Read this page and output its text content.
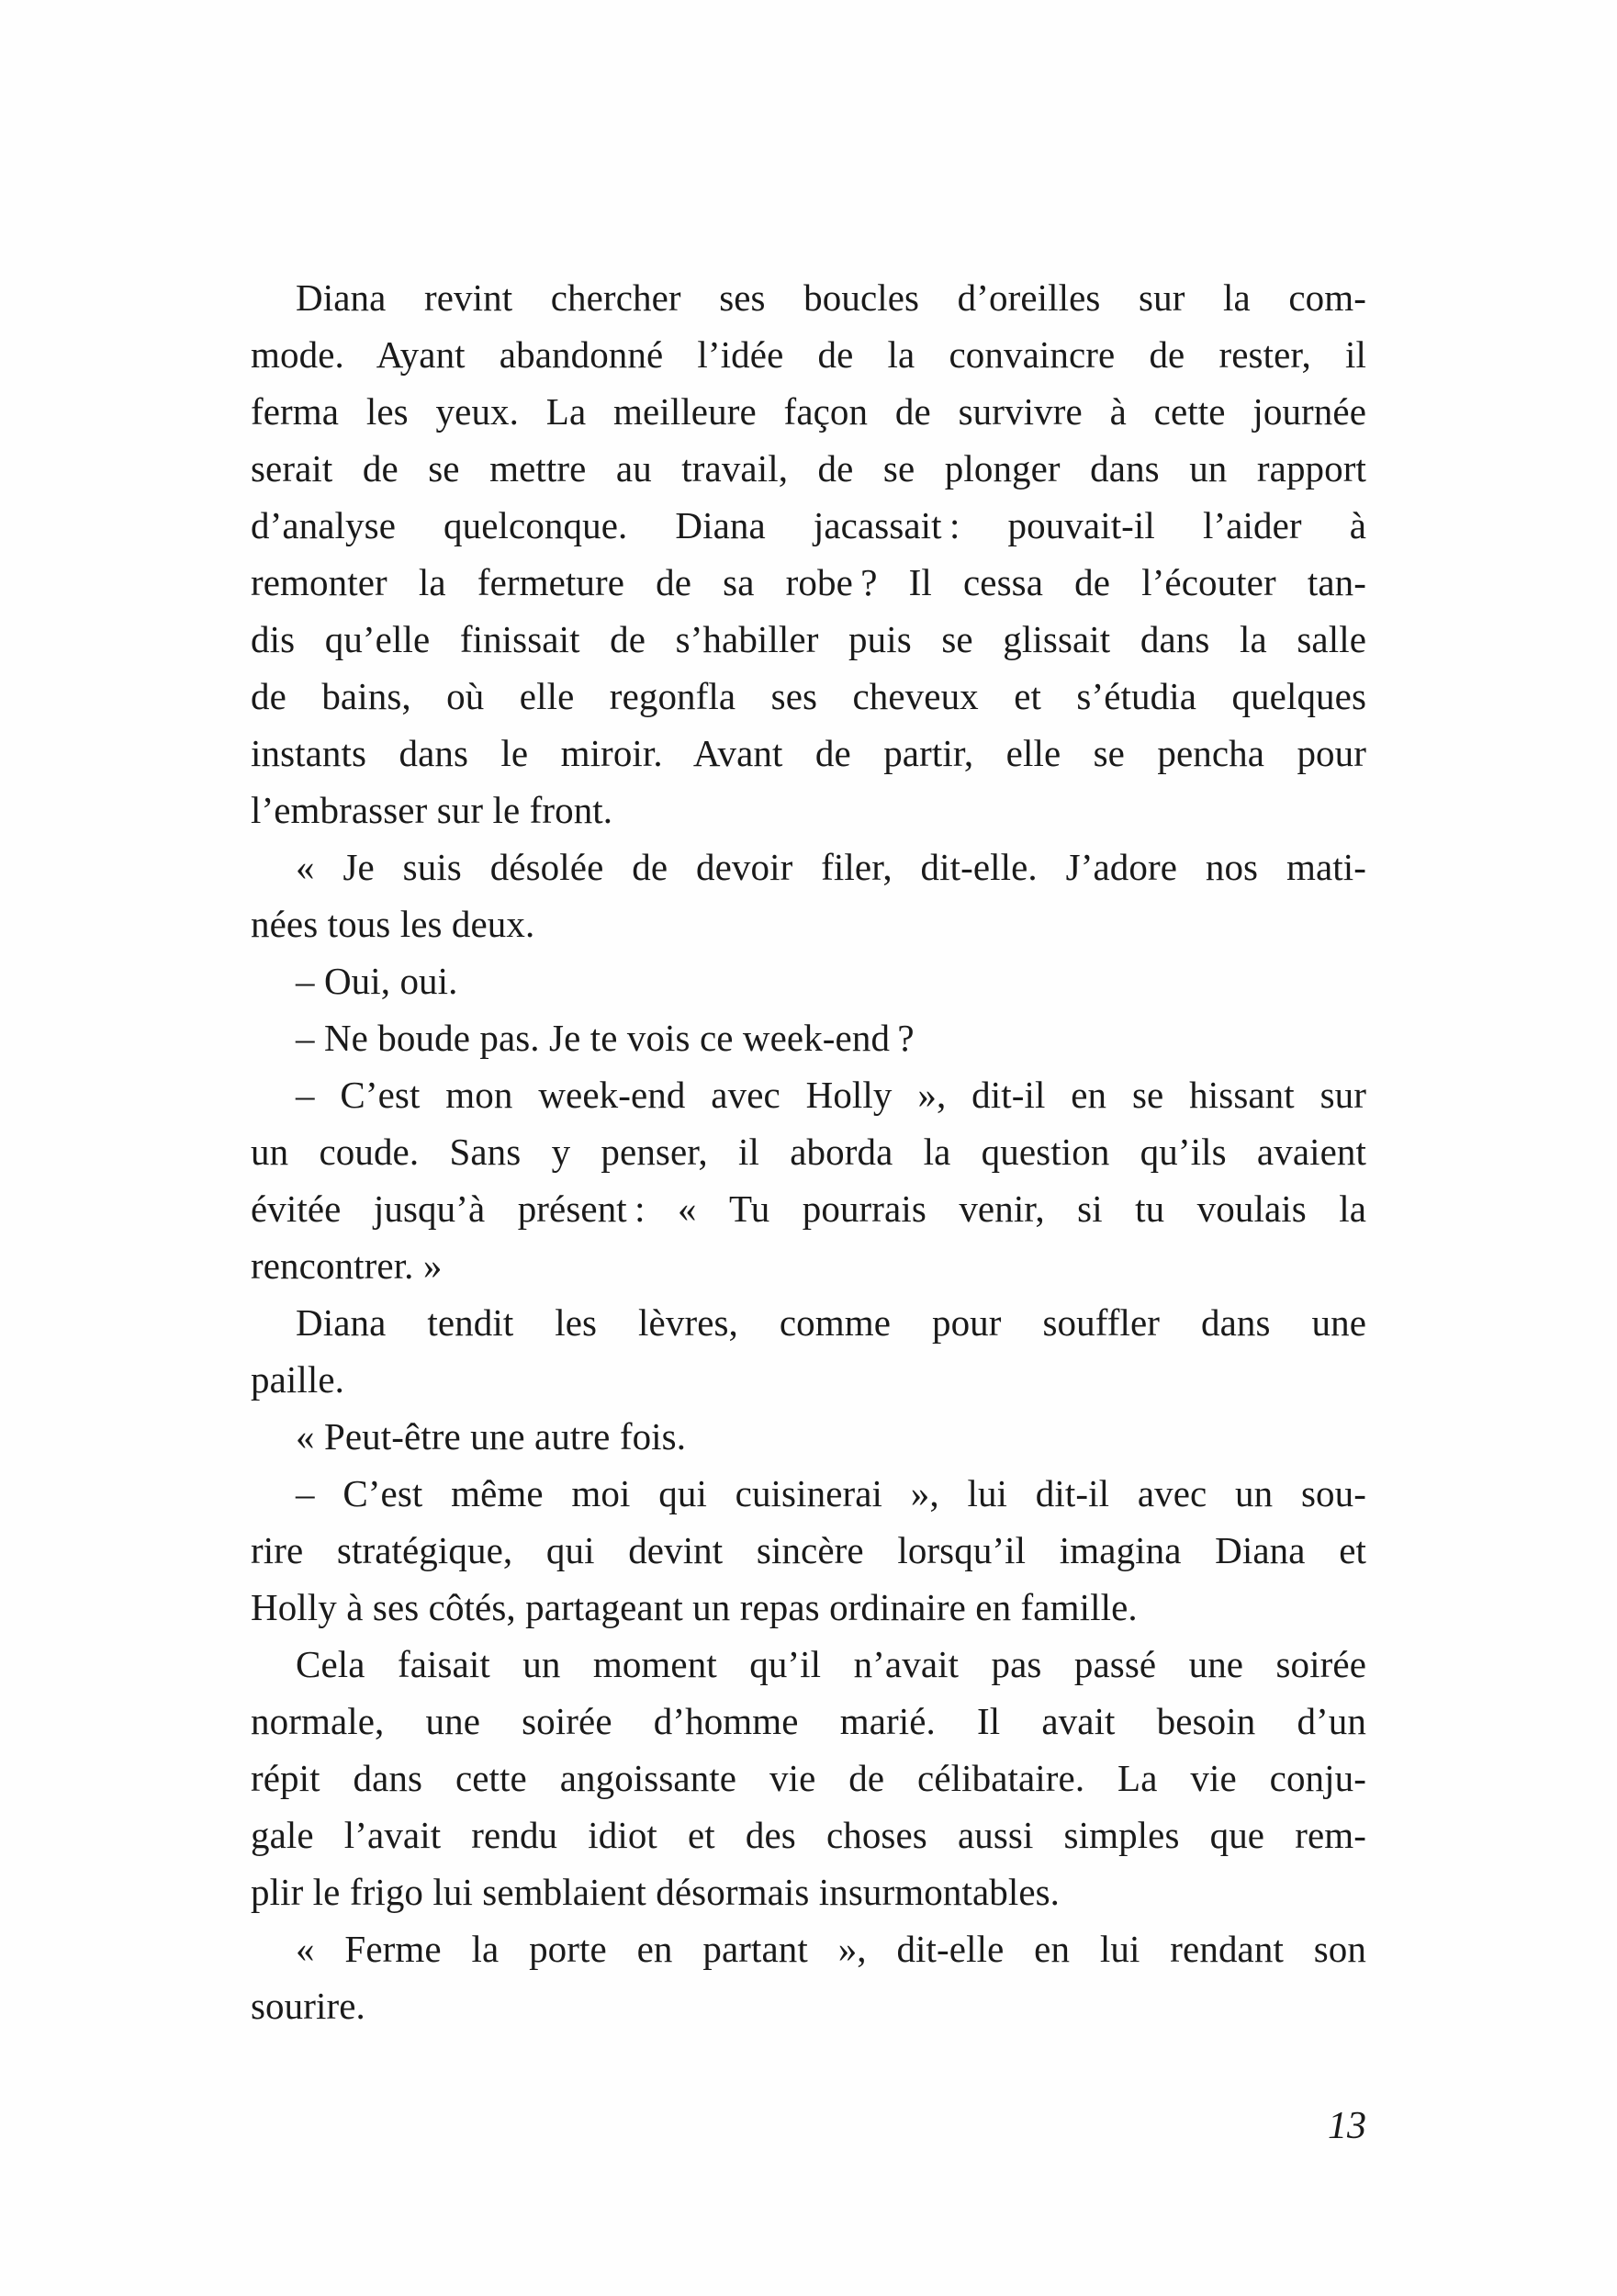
Diana revint chercher ses boucles d’oreilles sur la com-
mode. Ayant abandonné l’idée de la convaincre de rester, il
ferma les yeux. La meilleure façon de survivre à cette journée
serait de se mettre au travail, de se plonger dans un rapport
d’analyse quelconque. Diana jacassait : pouvait-il l’aider à
remonter la fermeture de sa robe ? Il cessa de l’écouter tan-
dis qu’elle finissait de s’habiller puis se glissait dans la salle
de bains, où elle regonfla ses cheveux et s’étudia quelques
instants dans le miroir. Avant de partir, elle se pencha pour
l’embrasser sur le front.
« Je suis désolée de devoir filer, dit-elle. J’adore nos mati-
nées tous les deux.
– Oui, oui.
– Ne boude pas. Je te vois ce week-end ?
– C’est mon week-end avec Holly », dit-il en se hissant sur
un coude. Sans y penser, il aborda la question qu’ils avaient
évitée jusqu’à présent : « Tu pourrais venir, si tu voulais la
rencontrer. »
Diana tendit les lèvres, comme pour souffler dans une
paille.
« Peut-être une autre fois.
– C’est même moi qui cuisinerai », lui dit-il avec un sou-
rire stratégique, qui devint sincère lorsqu’il imagina Diana et
Holly à ses côtés, partageant un repas ordinaire en famille.
Cela faisait un moment qu’il n’avait pas passé une soirée
normale, une soirée d’homme marié. Il avait besoin d’un
répit dans cette angoissante vie de célibataire. La vie conju-
gale l’avait rendu idiot et des choses aussi simples que rem-
plir le frigo lui semblaient désormais insurmontables.
« Ferme la porte en partant », dit-elle en lui rendant son
sourire.
13
